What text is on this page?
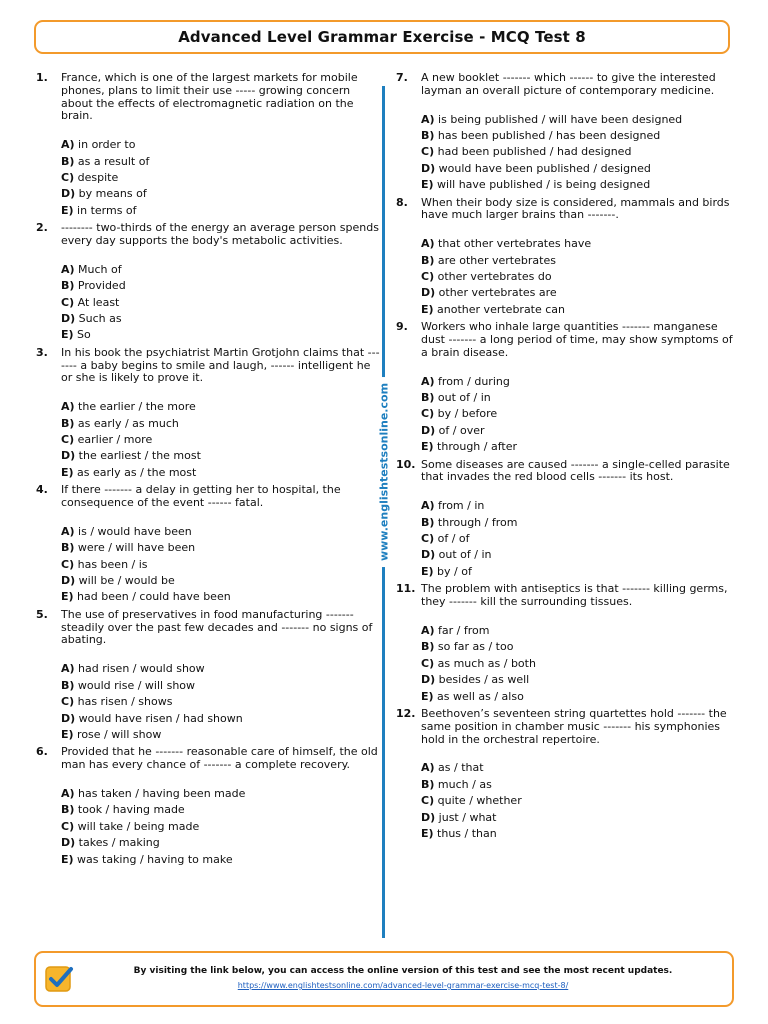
Advanced Level Grammar Exercise - MCQ Test 8
www.englishtestsonline.com
1. France, which is one of the largest markets for mobile phones, plans to limit their use ----- growing concern about the effects of electromagnetic radiation on the brain.

A) in order to
B) as a result of
C) despite
D) by means of
E) in terms of
2. -------- two-thirds of the energy an average person spends every day supports the body's metabolic activities.

A) Much of
B) Provided
C) At least
D) Such as
E) So
3. In his book the psychiatrist Martin Grotjohn claims that ------- a baby begins to smile and laugh, ------ intelligent he or she is likely to prove it.

A) the earlier / the more
B) as early / as much
C) earlier / more
D) the earliest / the most
E) as early as / the most
4. If there ------- a delay in getting her to hospital, the consequence of the event ------ fatal.

A) is / would have been
B) were / will have been
C) has been / is
D) will be / would be
E) had been / could have been
5. The use of preservatives in food manufacturing ------- steadily over the past few decades and ------- no signs of abating.

A) had risen / would show
B) would rise / will show
C) has risen / shows
D) would have risen / had shown
E) rose / will show
6. Provided that he ------- reasonable care of himself, the old man has every chance of ------- a complete recovery.

A) has taken / having been made
B) took / having made
C) will take / being made
D) takes / making
E) was taking / having to make
7. A new booklet ------- which ------ to give the interested layman an overall picture of contemporary medicine.

A) is being published / will have been designed
B) has been published / has been designed
C) had been published / had designed
D) would have been published / designed
E) will have published / is being designed
8. When their body size is considered, mammals and birds have much larger brains than -------.

A) that other vertebrates have
B) are other vertebrates
C) other vertebrates do
D) other vertebrates are
E) another vertebrate can
9. Workers who inhale large quantities ------- manganese dust ------- a long period of time, may show symptoms of a brain disease.

A) from / during
B) out of / in
C) by / before
D) of / over
E) through / after
10. Some diseases are caused ------- a single-celled parasite that invades the red blood cells ------- its host.

A) from / in
B) through / from
C) of / of
D) out of / in
E) by / of
11. The problem with antiseptics is that ------- killing germs, they ------- kill the surrounding tissues.

A) far / from
B) so far as / too
C) as much as / both
D) besides / as well
E) as well as / also
12. Beethoven’s seventeen string quartettes hold ------- the same position in chamber music ------- his symphonies hold in the orchestral repertoire.

A) as / that
B) much / as
C) quite / whether
D) just / what
E) thus / than
By visiting the link below, you can access the online version of this test and see the most recent updates.
https://www.englishtestsonline.com/advanced-level-grammar-exercise-mcq-test-8/
